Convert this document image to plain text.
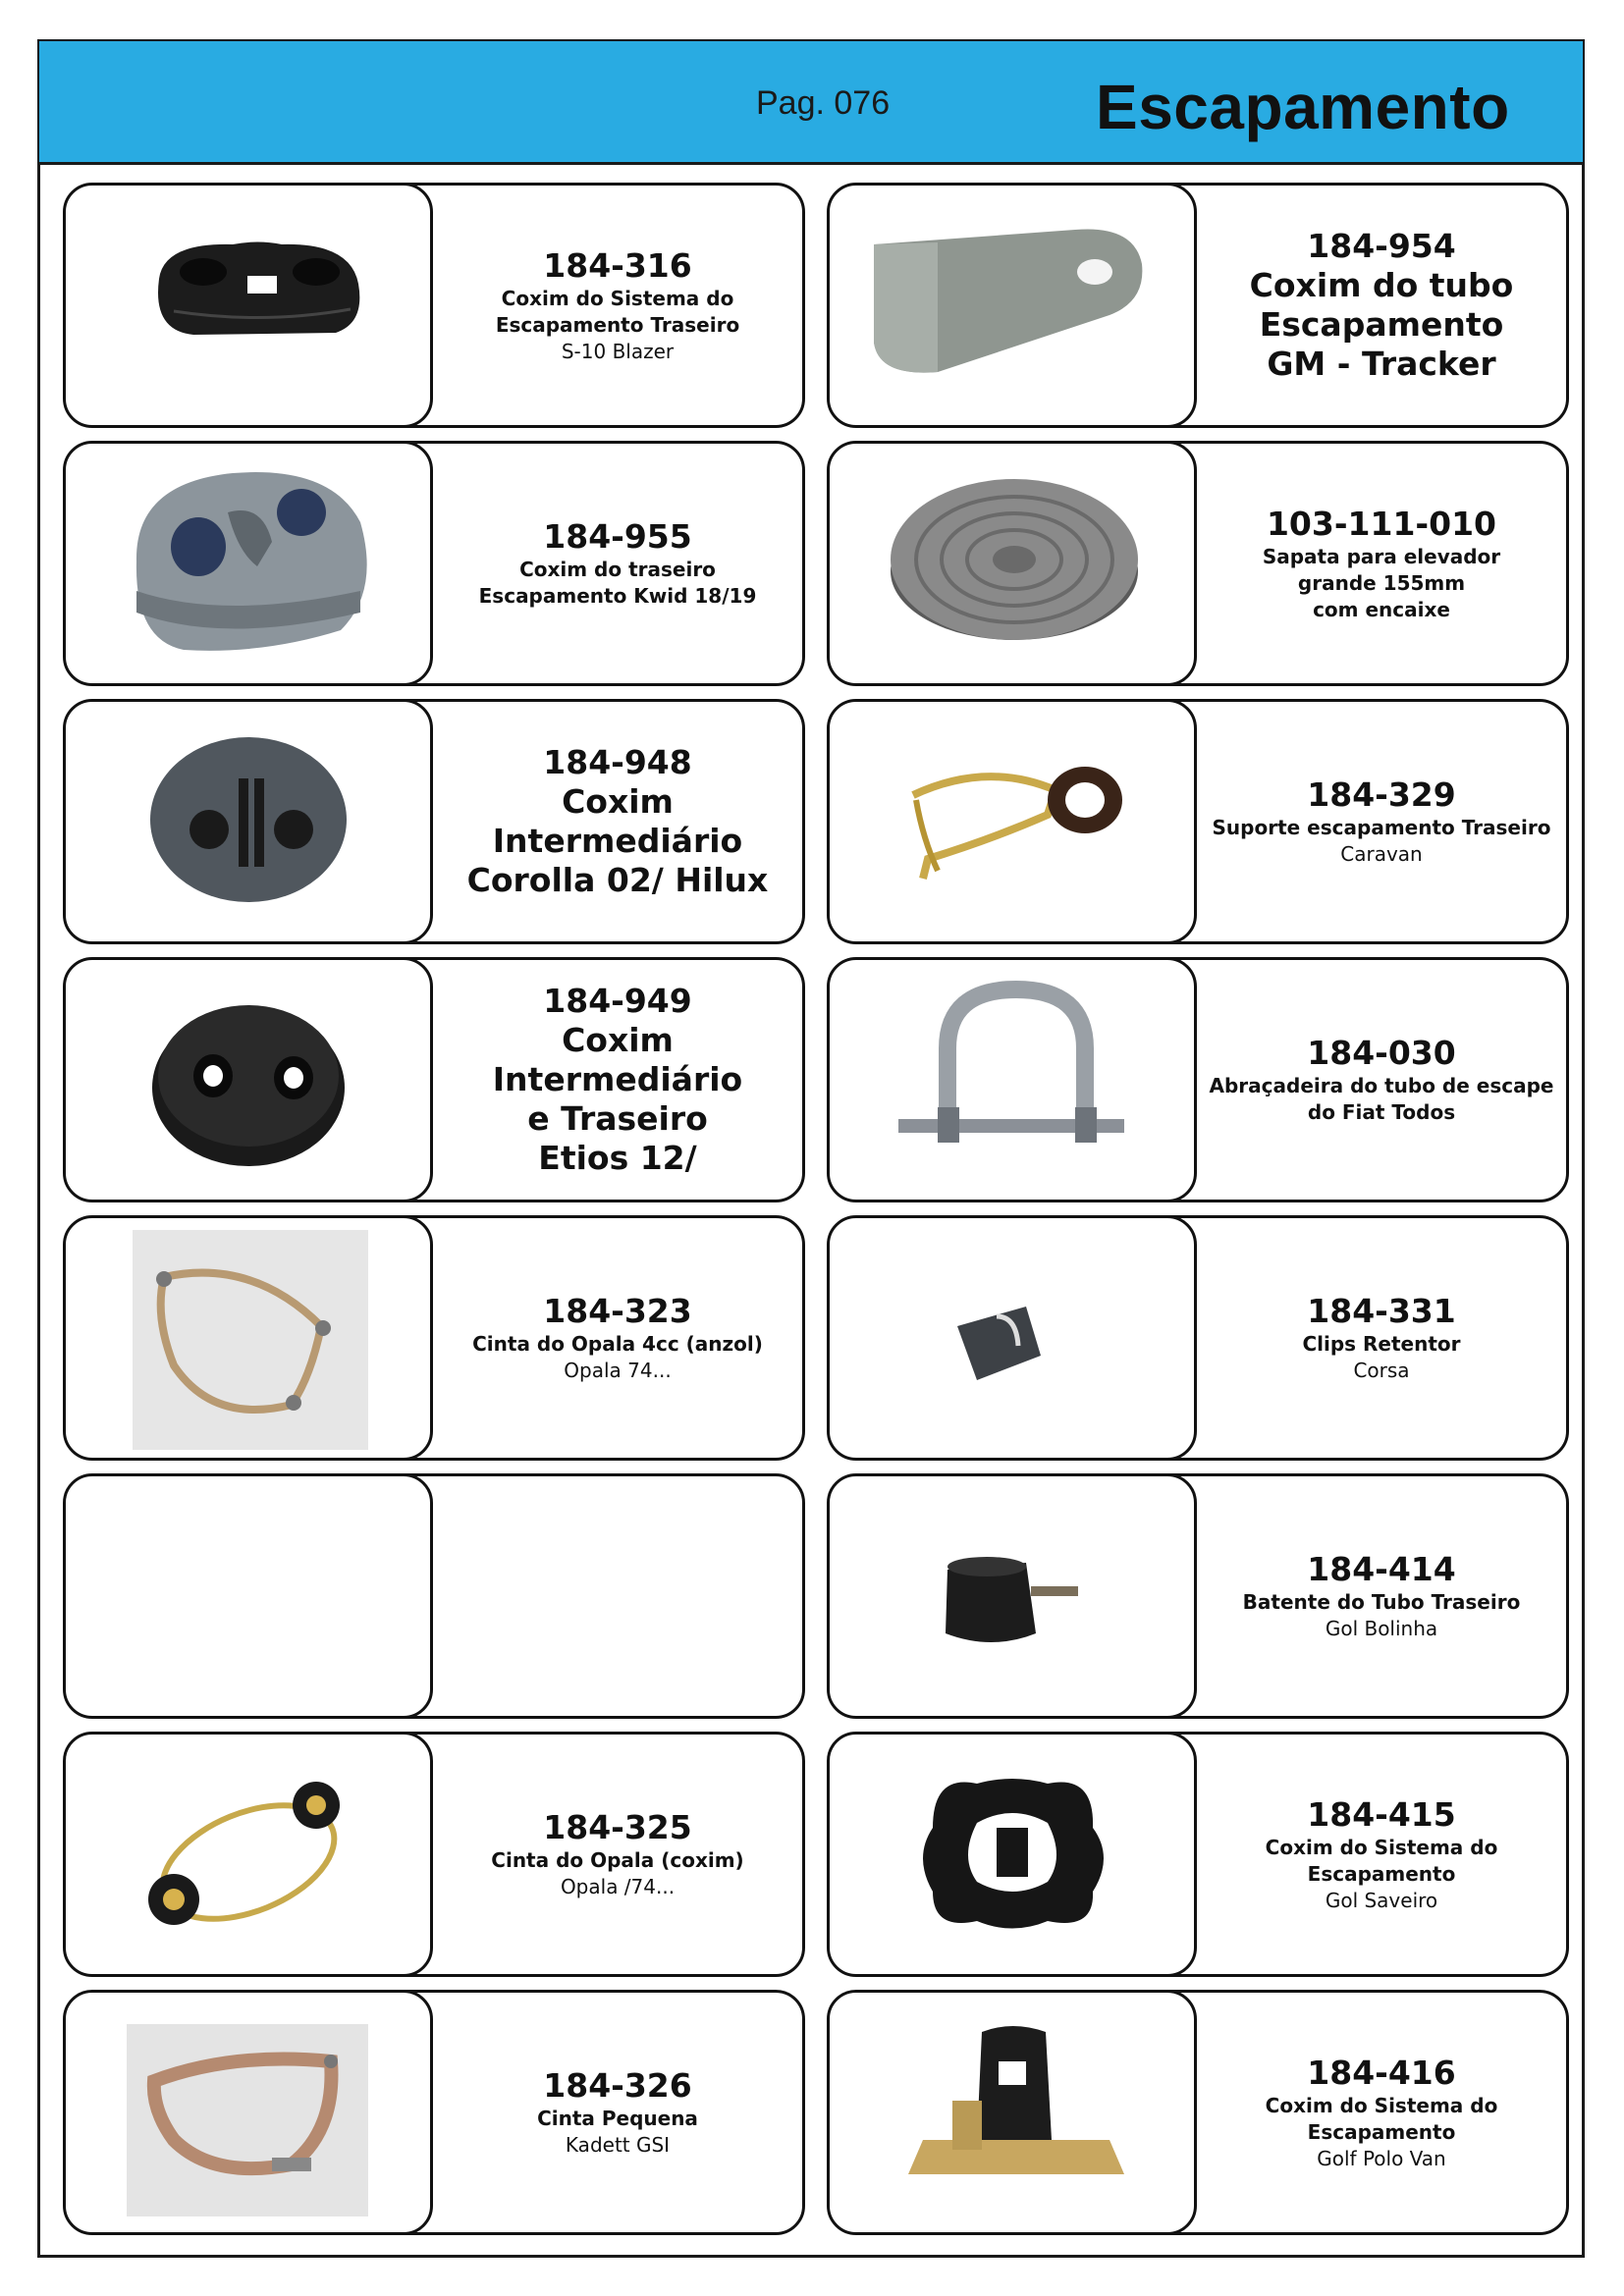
Pag. 076	Escapamento
184-316
Coxim do Sistema do
Escapamento Traseiro
S-10 Blazer
184-954
Coxim do tubo
Escapamento
GM - Tracker
184-955
Coxim do traseiro
Escapamento Kwid 18/19
103-111-010
Sapata para elevador
grande 155mm
com encaixe
184-948
Coxim Intermediário
Corolla 02/ Hilux
184-329
Suporte escapamento Traseiro
Caravan
184-949
Coxim Intermediário
e Traseiro
Etios 12/
184-030
Abraçadeira do tubo de escape
do Fiat Todos
184-323
Cinta do Opala 4cc (anzol)
Opala 74...
184-331
Clips Retentor
Corsa
184-414
Batente do Tubo Traseiro
Gol Bolinha
184-325
Cinta do Opala (coxim)
Opala /74...
184-415
Coxim do Sistema do
Escapamento
Gol Saveiro
184-326
Cinta Pequena
Kadett GSI
184-416
Coxim do Sistema do
Escapamento
Golf Polo Van
